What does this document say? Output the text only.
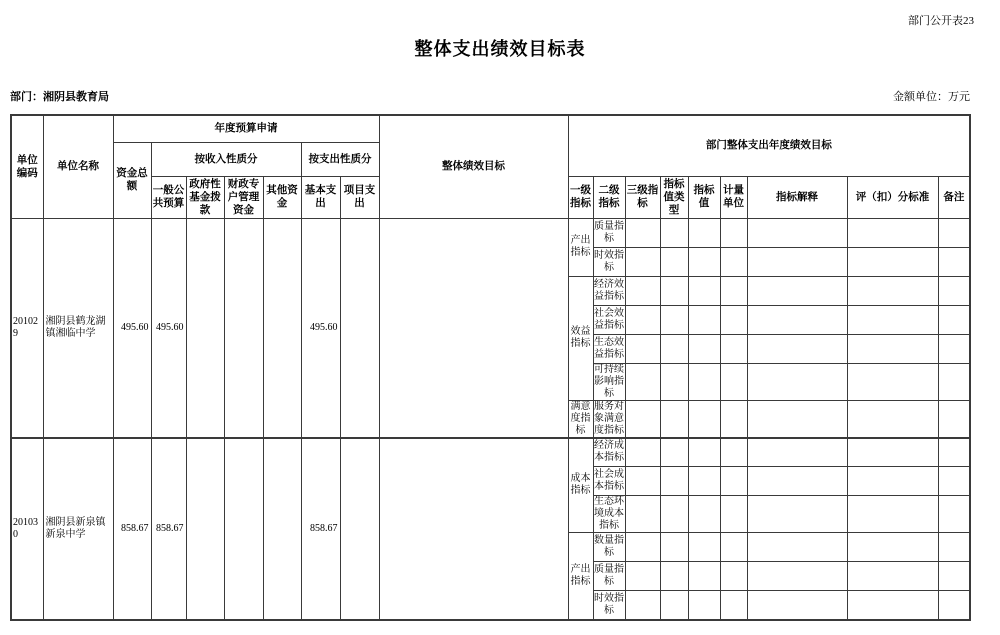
部门公开表23
整体支出绩效目标表
部门：湘阴县教育局	金额单位：万元
单位编码	单位名称	年度预算申请							整体绩效目标	部门整体支出年度绩效目标								
		资金总额	按收入性质分				按支出性质分											
			一般公共预算	政府性基金拨款	财政专户管理资金	其他资金	基本支出	项目支出		一级指标	二级指标	三级指标	指标值类型	指标值	计量单位	指标解释	评（扣）分标准	备注
201029	湘阴县鹤龙湖镇湘临中学	495.60	495.60				495.60			产出指标	质量指标							
											时效指标							
										效益指标	经济效益指标							
											社会效益指标							
											生态效益指标							
											可持续影响指标							
										满意度指标	服务对象满意度指标							
201030	湘阴县新泉镇新泉中学	858.67	858.67				858.67			成本指标	经济成本指标							
											社会成本指标							
											生态环境成本指标							
										产出指标	数量指标							
											质量指标							
											时效指标							
